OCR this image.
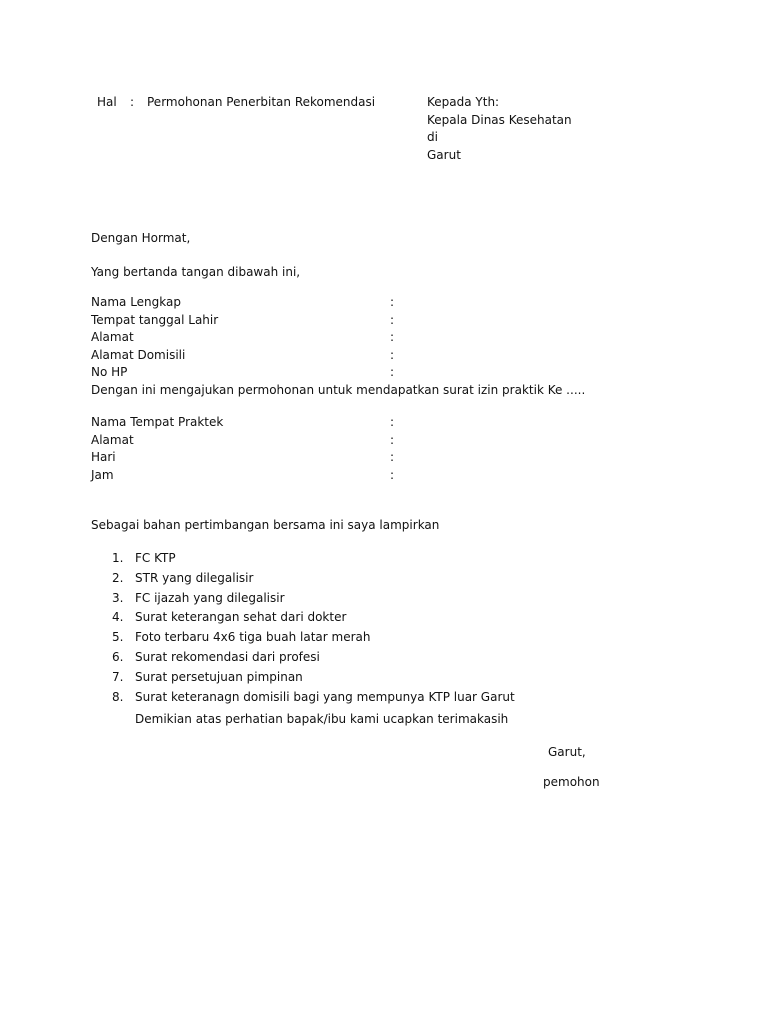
Hal : Permohonan Penerbitan Rekomendasi	Kepada Yth:
Kepala Dinas Kesehatan
di
Garut
Dengan Hormat,
Yang bertanda tangan dibawah ini,
Nama Lengkap	:
Tempat tanggal Lahir	:
Alamat	:
Alamat Domisili	:
No HP	:
Dengan ini mengajukan permohonan untuk mendapatkan surat izin praktik Ke .....
Nama Tempat Praktek	:
Alamat	:
Hari	:
Jam	:
Sebagai bahan pertimbangan bersama ini saya lampirkan
1. FC KTP
2. STR yang dilegalisir
3. FC ijazah yang dilegalisir
4. Surat keterangan sehat dari dokter
5. Foto terbaru 4x6 tiga buah latar merah
6. Surat rekomendasi dari profesi
7. Surat persetujuan pimpinan
8. Surat keteranagn domisili bagi yang mempunya KTP luar Garut
Demikian atas perhatian bapak/ibu kami ucapkan terimakasih
Garut,
pemohon
